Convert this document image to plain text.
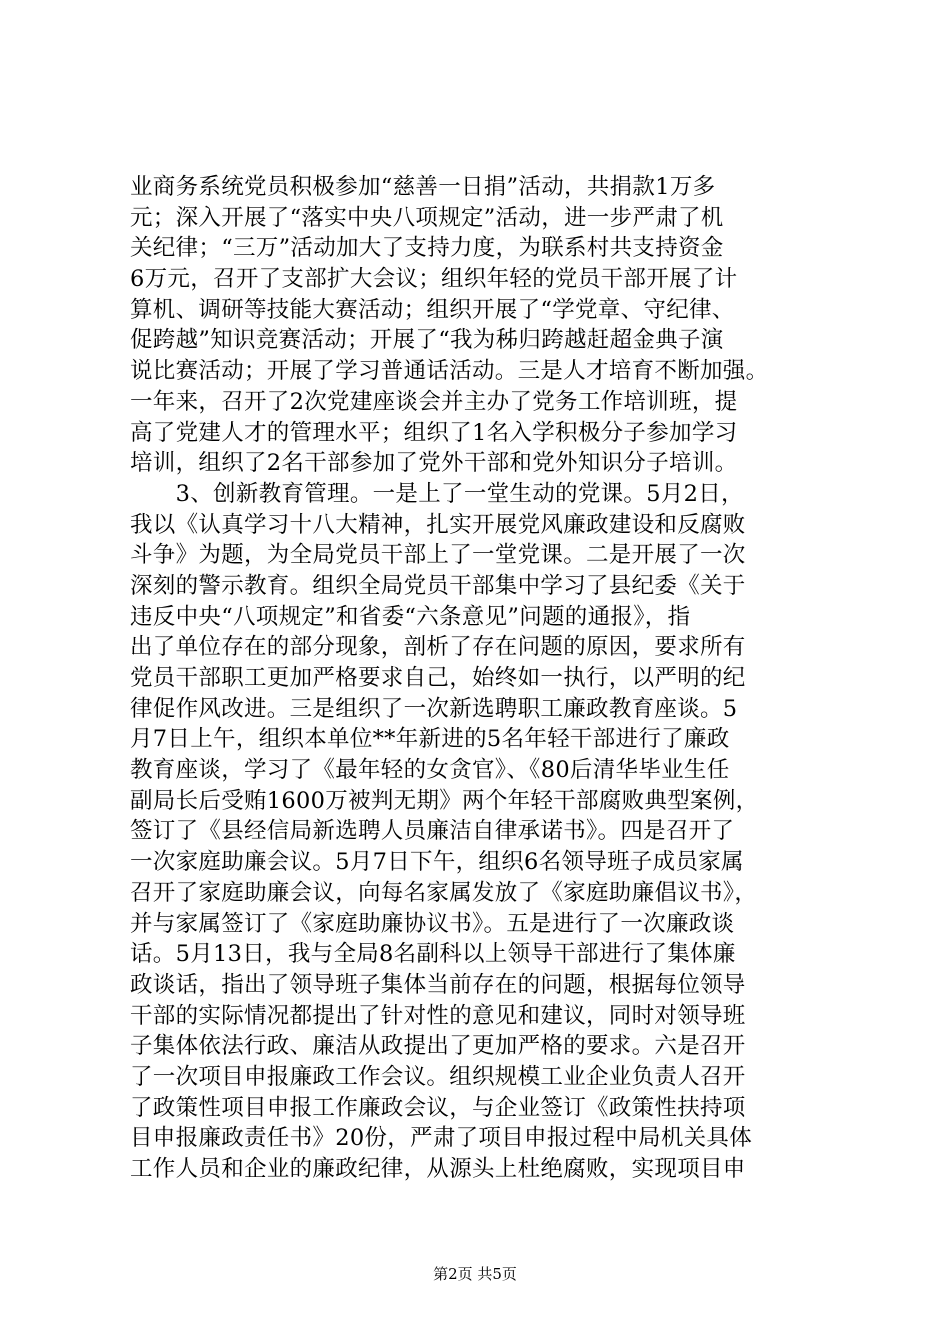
业商务系统党员积极参加“慈善一日捐”活动，共捐款1万多
元；深入开展了“落实中央八项规定”活动，进一步严肃了机
关纪律；“三万”活动加大了支持力度，为联系村共支持资金
6万元，召开了支部扩大会议；组织年轻的党员干部开展了计
算机、调研等技能大赛活动；组织开展了“学党章、守纪律、
促跨越”知识竞赛活动；开展了“我为秭归跨越赶超金典子演
说比赛活动；开展了学习普通话活动。三是人才培育不断加强。
一年来，召开了2次党建座谈会并主办了党务工作培训班，提
高了党建人才的管理水平；组织了1名入学积极分子参加学习
培训，组织了2名干部参加了党外干部和党外知识分子培训。
　　3、创新教育管理。一是上了一堂生动的党课。5月2日，
我以《认真学习十八大精神，扎实开展党风廉政建设和反腐败
斗争》为题，为全局党员干部上了一堂党课。二是开展了一次
深刻的警示教育。组织全局党员干部集中学习了县纪委《关于
违反中央“八项规定”和省委“六条意见”问题的通报》，指
出了单位存在的部分现象，剖析了存在问题的原因，要求所有
党员干部职工更加严格要求自己，始终如一执行，以严明的纪
律促作风改进。三是组织了一次新选聘职工廉政教育座谈。5
月7日上午，组织本单位**年新进的5名年轻干部进行了廉政
教育座谈，学习了《最年轻的女贪官》、《80后清华毕业生任
副局长后受贿1600万被判无期》两个年轻干部腐败典型案例，
签订了《县经信局新选聘人员廉洁自律承诺书》。四是召开了
一次家庭助廉会议。5月7日下午，组织6名领导班子成员家属
召开了家庭助廉会议，向每名家属发放了《家庭助廉倡议书》，
并与家属签订了《家庭助廉协议书》。五是进行了一次廉政谈
话。5月13日，我与全局8名副科以上领导干部进行了集体廉
政谈话，指出了领导班子集体当前存在的问题，根据每位领导
干部的实际情况都提出了针对性的意见和建议，同时对领导班
子集体依法行政、廉洁从政提出了更加严格的要求。六是召开
了一次项目申报廉政工作会议。组织规模工业企业负责人召开
了政策性项目申报工作廉政会议，与企业签订《政策性扶持项
目申报廉政责任书》20份，严肃了项目申报过程中局机关具体
工作人员和企业的廉政纪律，从源头上杜绝腐败，实现项目申
第2页 共5页
